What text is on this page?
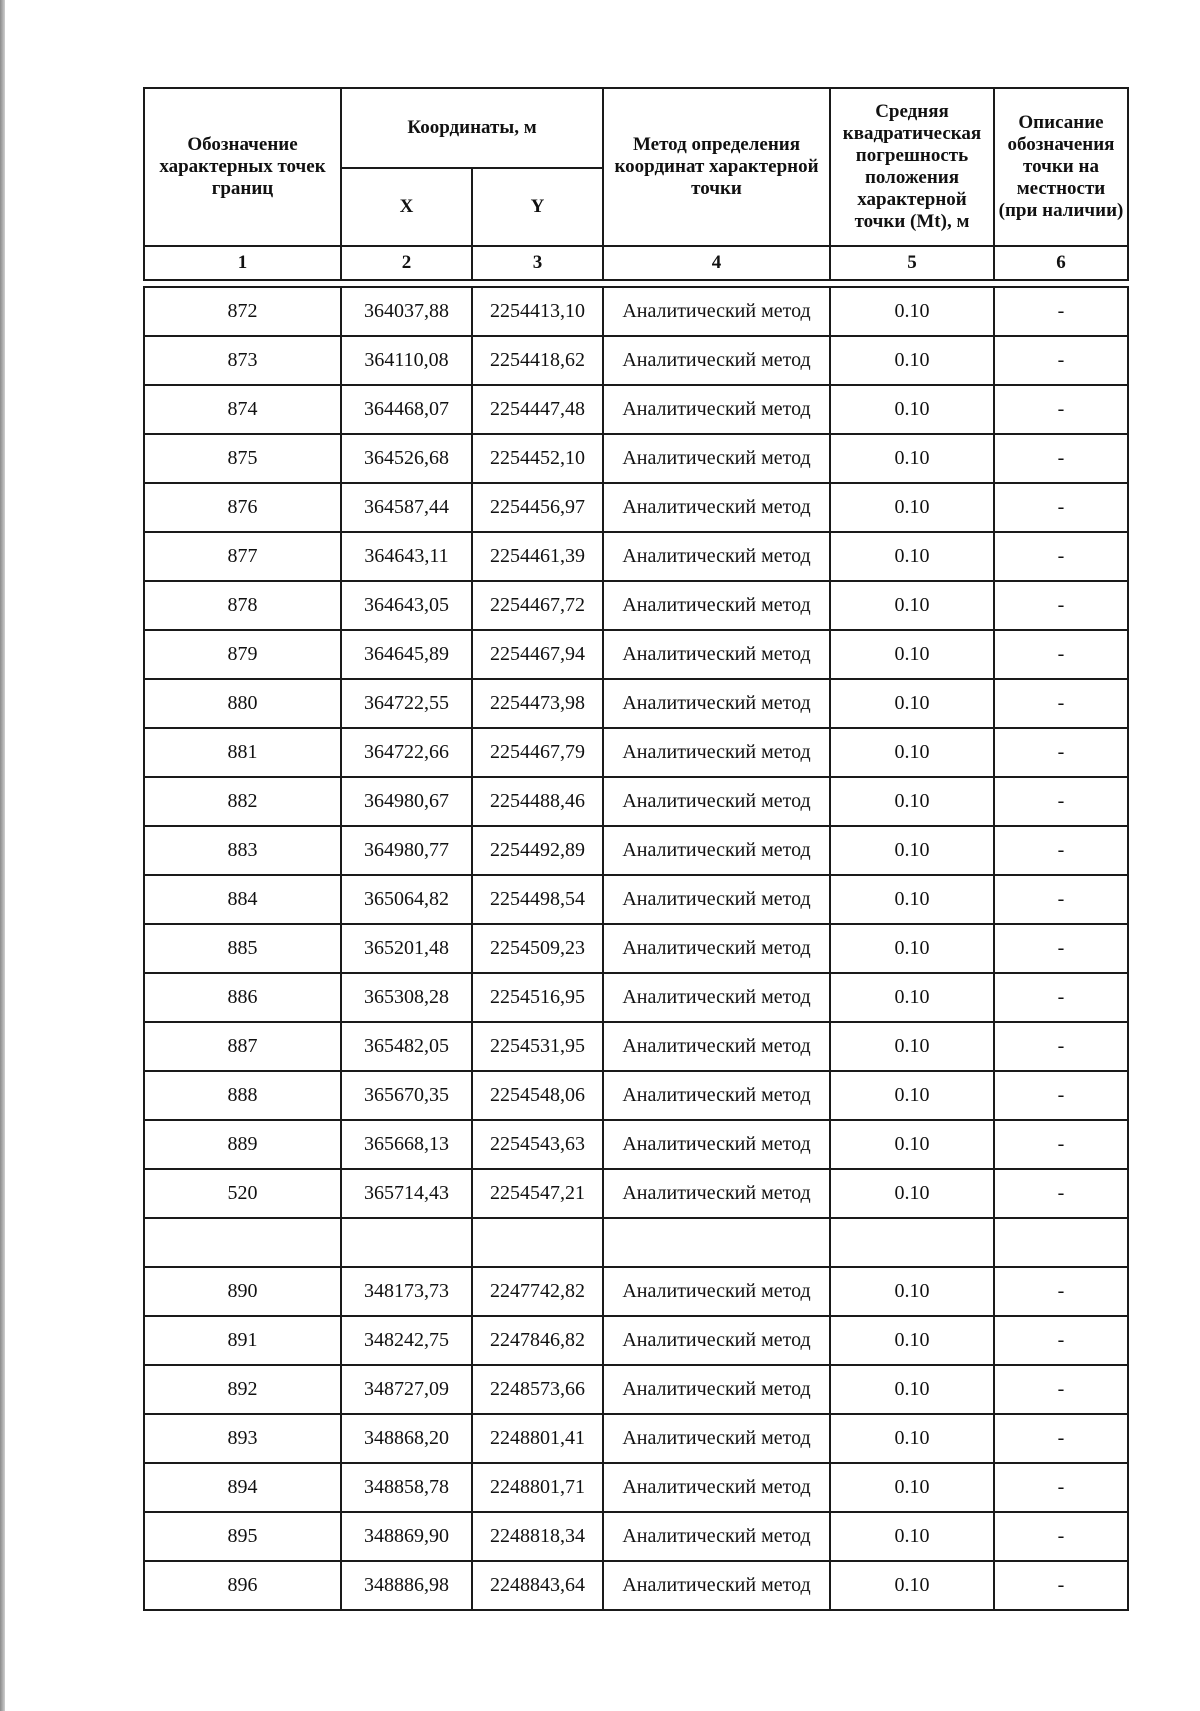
Обозначение характерных точек границ	Координаты, м		Метод определения координат характерной точки	Средняя квадратическая погрешность положения характерной точки (Mt), м	Описание обозначения точки на местности (при наличии)
	X	Y			
1	2	3	4	5	6

872	364037,88	2254413,10	Аналитический метод	0.10	-
873	364110,08	2254418,62	Аналитический метод	0.10	-
874	364468,07	2254447,48	Аналитический метод	0.10	-
875	364526,68	2254452,10	Аналитический метод	0.10	-
876	364587,44	2254456,97	Аналитический метод	0.10	-
877	364643,11	2254461,39	Аналитический метод	0.10	-
878	364643,05	2254467,72	Аналитический метод	0.10	-
879	364645,89	2254467,94	Аналитический метод	0.10	-
880	364722,55	2254473,98	Аналитический метод	0.10	-
881	364722,66	2254467,79	Аналитический метод	0.10	-
882	364980,67	2254488,46	Аналитический метод	0.10	-
883	364980,77	2254492,89	Аналитический метод	0.10	-
884	365064,82	2254498,54	Аналитический метод	0.10	-
885	365201,48	2254509,23	Аналитический метод	0.10	-
886	365308,28	2254516,95	Аналитический метод	0.10	-
887	365482,05	2254531,95	Аналитический метод	0.10	-
888	365670,35	2254548,06	Аналитический метод	0.10	-
889	365668,13	2254543,63	Аналитический метод	0.10	-
520	365714,43	2254547,21	Аналитический метод	0.10	-

890	348173,73	2247742,82	Аналитический метод	0.10	-
891	348242,75	2247846,82	Аналитический метод	0.10	-
892	348727,09	2248573,66	Аналитический метод	0.10	-
893	348868,20	2248801,41	Аналитический метод	0.10	-
894	348858,78	2248801,71	Аналитический метод	0.10	-
895	348869,90	2248818,34	Аналитический метод	0.10	-
896	348886,98	2248843,64	Аналитический метод	0.10	-
